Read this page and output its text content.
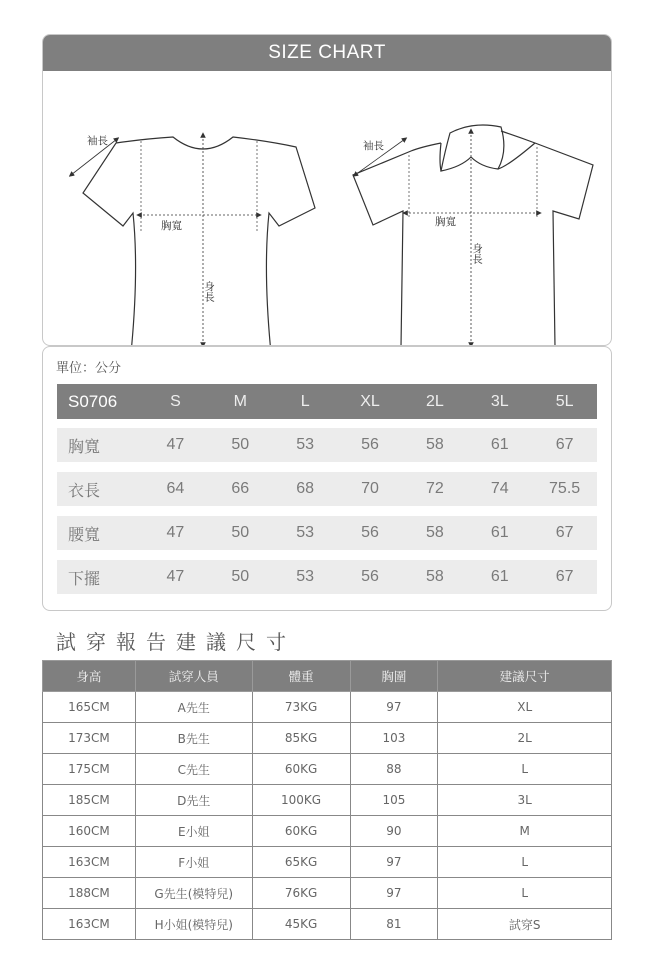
SIZE CHART
袖長
胸寬
身長
袖長
胸寬
身長
單位：公分
S0706	S	M	L	XL	2L	3L	5L
胸寬	47	50	53	56	58	61	67
衣長	64	66	68	70	72	74	75.5
腰寬	47	50	53	56	58	61	67
下擺	47	50	53	56	58	61	67
試穿報告建議尺寸
身高	試穿人員	體重	胸圍	建議尺寸
165CM	A先生	73KG	97	XL
173CM	B先生	85KG	103	2L
175CM	C先生	60KG	88	L
185CM	D先生	100KG	105	3L
160CM	E小姐	60KG	90	M
163CM	F小姐	65KG	97	L
188CM	G先生(模特兒)	76KG	97	L
163CM	H小姐(模特兒)	45KG	81	試穿S
